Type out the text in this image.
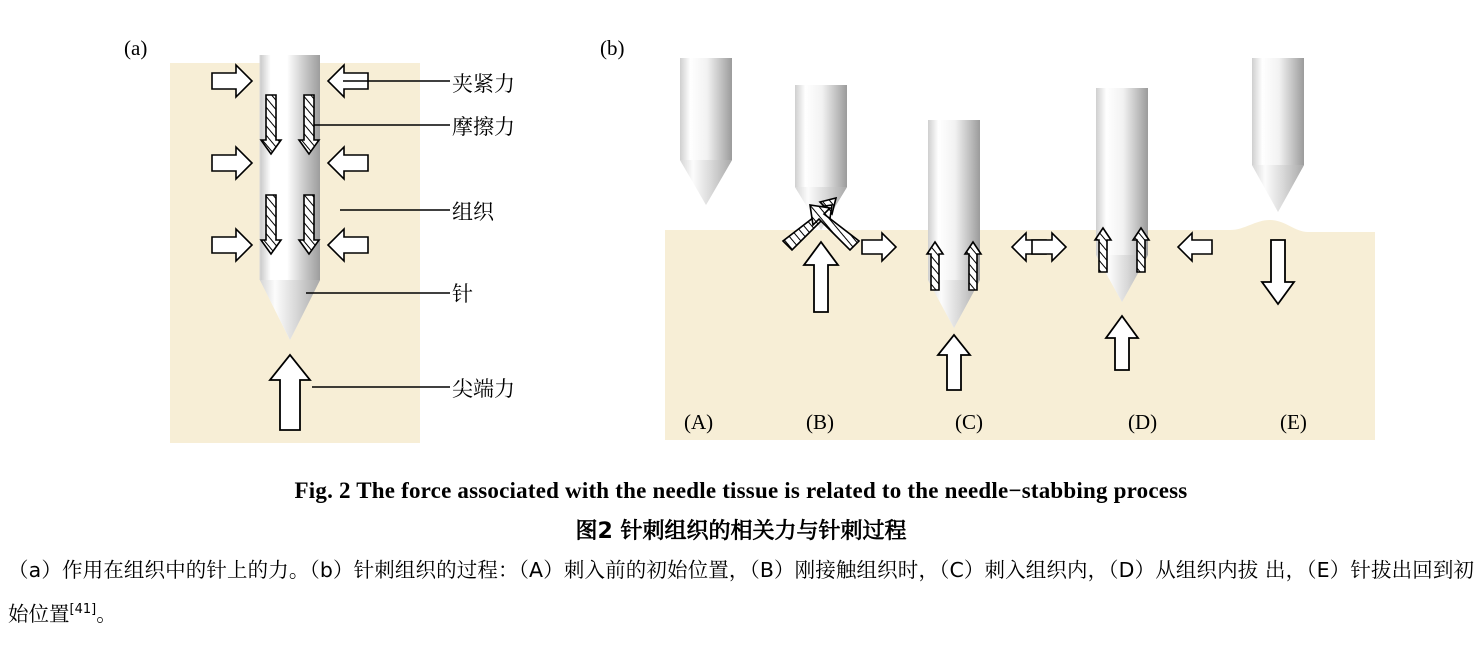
(a)
夹紧力
摩擦力
组织
针
尖端力
(b)
(A)	(B)	(C)	(D)	(E)
Fig. 2 The force associated with the needle tissue is related to the needle−stabbing process
图2 针刺组织的相关力与针刺过程
（a）作用在组织中的针上的力。（b）针刺组织的过程：（A）刺入前的初始位置，（B）刚接触组织时，（C）刺入组织内，（D）从组织内拔 出，（E）针拔出回到初始位置[41]。
